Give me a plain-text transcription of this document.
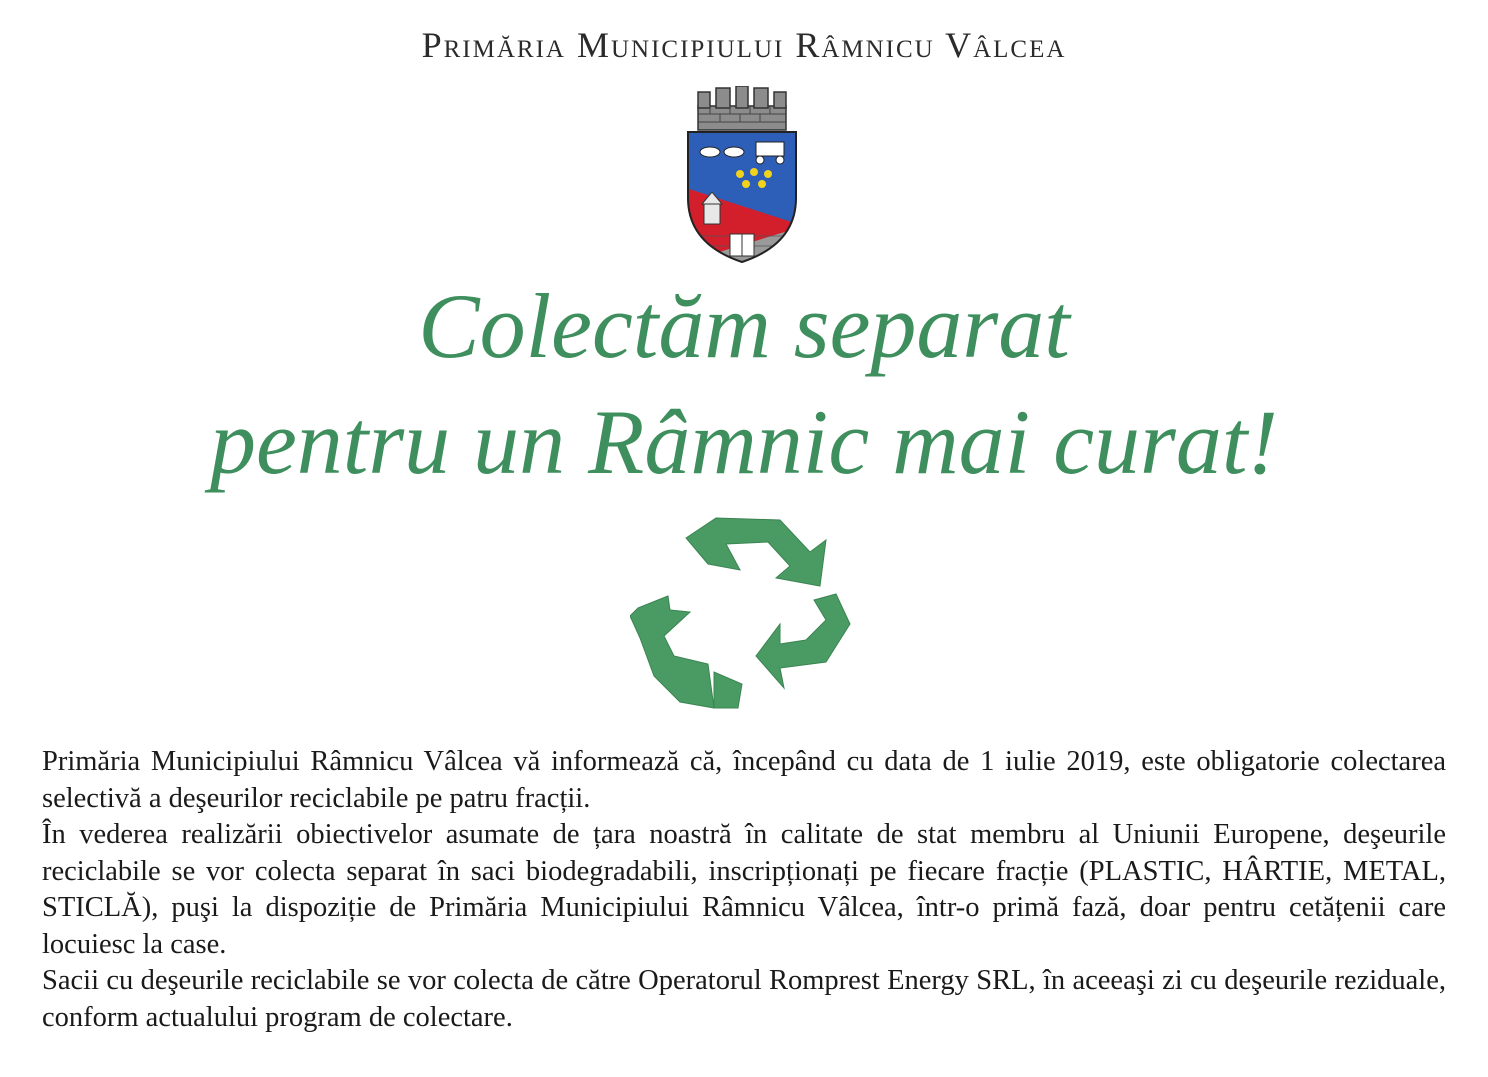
Primăria Municipiului Râmnicu Vâlcea
Colectăm separat
pentru un Râmnic mai curat!

Primăria Municipiului Râmnicu Vâlcea vă informează că, începând cu data de 1 iulie 2019, este obligatorie colectarea selectivă a deşeurilor reciclabile pe patru fracții.

În vederea realizării obiectivelor asumate de țara noastră în calitate de stat membru al Uniunii Europene, deşeurile reciclabile se vor colecta separat în saci biodegradabili, inscripționați pe fiecare fracție (PLASTIC, HÂRTIE, METAL, STICLĂ), puşi la dispoziție de Primăria Municipiului Râmnicu Vâlcea, într-o primă fază, doar pentru cetățenii care locuiesc la case.

Sacii cu deşeurile reciclabile se vor colecta de către Operatorul Romprest Energy SRL, în aceeaşi zi cu deşeurile reziduale, conform actualului program de colectare.
